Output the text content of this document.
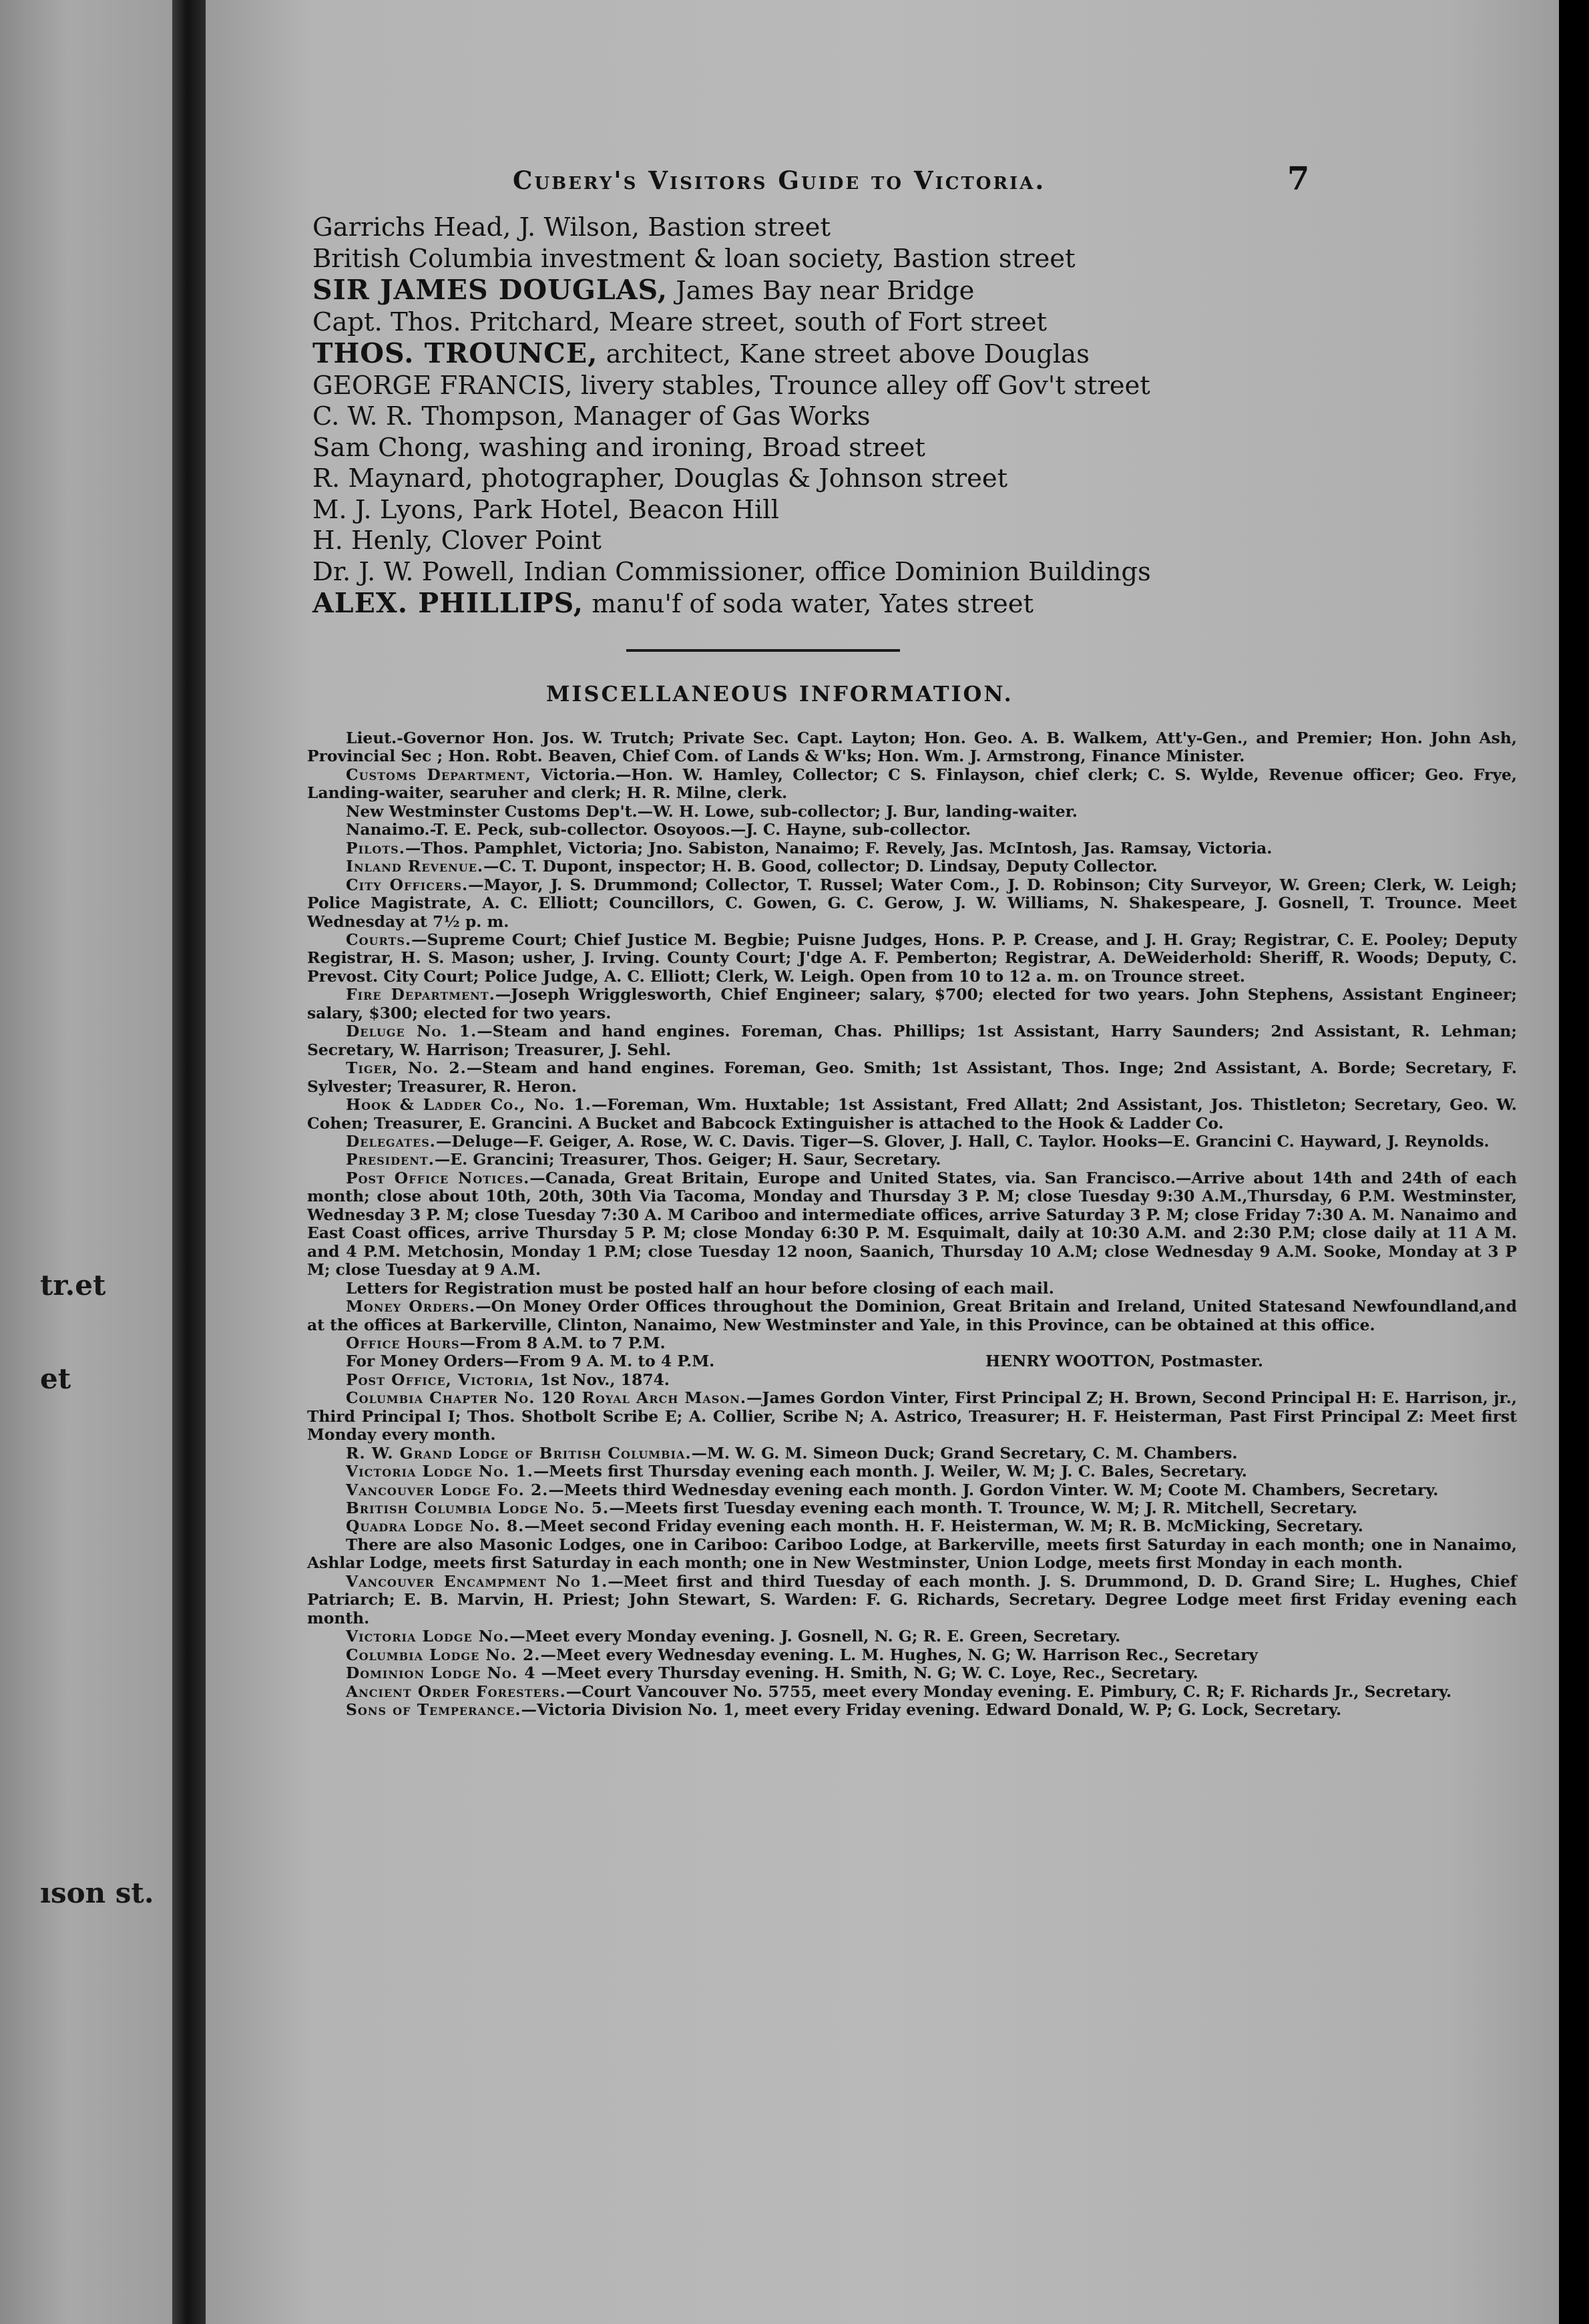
tr.et
et
ıson st.
Cubery's Visitors Guide to Victoria.	7
Garrichs Head, J. Wilson, Bastion street
British Columbia investment & loan society, Bastion street
SIR JAMES DOUGLAS, James Bay near Bridge
Capt. Thos. Pritchard, Meare street, south of Fort street
THOS. TROUNCE, architect, Kane street above Douglas
GEORGE FRANCIS, livery stables, Trounce alley off Gov't street
C. W. R. Thompson, Manager of Gas Works
Sam Chong, washing and ironing, Broad street
R. Maynard, photographer, Douglas & Johnson street
M. J. Lyons, Park Hotel, Beacon Hill
H. Henly, Clover Point
Dr. J. W. Powell, Indian Commissioner, office Dominion Buildings
ALEX. PHILLIPS, manu'f of soda water, Yates street
MISCELLANEOUS INFORMATION.

Lieut.-Governor Hon. Jos. W. Trutch; Private Sec. Capt. Layton; Hon. Geo. A. B. Walkem, Att'y-Gen., and Premier; Hon. John Ash, Provincial Sec ; Hon. Robt. Beaven, Chief Com. of Lands & W'ks; Hon. Wm. J. Armstrong, Finance Minister.

Customs Department, Victoria.—Hon. W. Hamley, Collector; C S. Finlayson, chief clerk; C. S. Wylde, Revenue officer; Geo. Frye, Landing-waiter, searuher and clerk; H. R. Milne, clerk.

New Westminster Customs Dep't.—W. H. Lowe, sub-collector; J. Bur, landing-waiter.

Nanaimo.-T. E. Peck, sub-collector. Osoyoos.—J. C. Hayne, sub-collector.

Pilots.—Thos. Pamphlet, Victoria; Jno. Sabiston, Nanaimo; F. Revely, Jas. McIntosh, Jas. Ramsay, Victoria.

Inland Revenue.—C. T. Dupont, inspector; H. B. Good, collector; D. Lindsay, Deputy Collector.

City Officers.—Mayor, J. S. Drummond; Collector, T. Russel; Water Com., J. D. Robinson; City Surveyor, W. Green; Clerk, W. Leigh; Police Magistrate, A. C. Elliott; Councillors, C. Gowen, G. C. Gerow, J. W. Williams, N. Shakespeare, J. Gosnell, T. Trounce. Meet Wednesday at 7½ p. m.

Courts.—Supreme Court; Chief Justice M. Begbie; Puisne Judges, Hons. P. P. Crease, and J. H. Gray; Registrar, C. E. Pooley; Deputy Registrar, H. S. Mason; usher, J. Irving. County Court; J'dge A. F. Pemberton; Registrar, A. DeWeiderhold: Sheriff, R. Woods; Deputy, C. Prevost. City Court; Police Judge, A. C. Elliott; Clerk, W. Leigh. Open from 10 to 12 a. m. on Trounce street.

Fire Department.—Joseph Wrigglesworth, Chief Engineer; salary, $700; elected for two years. John Stephens, Assistant Engineer; salary, $300; elected for two years.

Deluge No. 1.—Steam and hand engines. Foreman, Chas. Phillips; 1st Assistant, Harry Saunders; 2nd Assistant, R. Lehman; Secretary, W. Harrison; Treasurer, J. Sehl.

Tiger, No. 2.—Steam and hand engines. Foreman, Geo. Smith; 1st Assistant, Thos. Inge; 2nd Assistant, A. Borde; Secretary, F. Sylvester; Treasurer, R. Heron.

Hook & Ladder Co., No. 1.—Foreman, Wm. Huxtable; 1st Assistant, Fred Allatt; 2nd Assistant, Jos. Thistleton; Secretary, Geo. W. Cohen; Treasurer, E. Grancini. A Bucket and Babcock Extinguisher is attached to the Hook & Ladder Co.

Delegates.—Deluge—F. Geiger, A. Rose, W. C. Davis. Tiger—S. Glover, J. Hall, C. Taylor. Hooks—E. Grancini C. Hayward, J. Reynolds.

President.—E. Grancini; Treasurer, Thos. Geiger; H. Saur, Secretary.

Post Office Notices.—Canada, Great Britain, Europe and United States, via. San Francisco.—Arrive about 14th and 24th of each month; close about 10th, 20th, 30th Via Tacoma, Monday and Thursday 3 P. M; close Tuesday 9:30 A.M.,Thursday, 6 P.M. Westminster, Wednesday 3 P. M; close Tuesday 7:30 A. M Cariboo and intermediate offices, arrive Saturday 3 P. M; close Friday 7:30 A. M. Nanaimo and East Coast offices, arrive Thursday 5 P. M; close Monday 6:30 P. M. Esquimalt, daily at 10:30 A.M. and 2:30 P.M; close daily at 11 A M. and 4 P.M. Metchosin, Monday 1 P.M; close Tuesday 12 noon, Saanich, Thursday 10 A.M; close Wednesday 9 A.M. Sooke, Monday at 3 P M; close Tuesday at 9 A.M.

Letters for Registration must be posted half an hour before closing of each mail.

Money Orders.—On Money Order Offices throughout the Dominion, Great Britain and Ireland, United Statesand Newfoundland,and at the offices at Barkerville, Clinton, Nanaimo, New Westminster and Yale, in this Province, can be obtained at this office.

Office Hours—From 8 A.M. to 7 P.M.

For Money Orders—From 9 A. M. to 4 P.M.	HENRY WOOTTON, Postmaster.

Post Office, Victoria, 1st Nov., 1874.

Columbia Chapter No. 120 Royal Arch Mason.—James Gordon Vinter, First Principal Z; H. Brown, Second Principal H: E. Harrison, jr., Third Principal I; Thos. Shotbolt Scribe E; A. Collier, Scribe N; A. Astrico, Treasurer; H. F. Heisterman, Past First Principal Z: Meet first Monday every month.

R. W. Grand Lodge of British Columbia.—M. W. G. M. Simeon Duck; Grand Secretary, C. M. Chambers.

Victoria Lodge No. 1.—Meets first Thursday evening each month. J. Weiler, W. M; J. C. Bales, Secretary.

Vancouver Lodge Fo. 2.—Meets third Wednesday evening each month. J. Gordon Vinter. W. M; Coote M. Chambers, Secretary.

British Columbia Lodge No. 5.—Meets first Tuesday evening each month. T. Trounce, W. M; J. R. Mitchell, Secretary.

Quadra Lodge No. 8.—Meet second Friday evening each month. H. F. Heisterman, W. M; R. B. McMicking, Secretary.

There are also Masonic Lodges, one in Cariboo: Cariboo Lodge, at Barkerville, meets first Saturday in each month; one in Nanaimo, Ashlar Lodge, meets first Saturday in each month; one in New Westminster, Union Lodge, meets first Monday in each month.

Vancouver Encampment No 1.—Meet first and third Tuesday of each month. J. S. Drummond, D. D. Grand Sire; L. Hughes, Chief Patriarch; E. B. Marvin, H. Priest; John Stewart, S. Warden: F. G. Richards, Secretary. Degree Lodge meet first Friday evening each month.

Victoria Lodge No.—Meet every Monday evening. J. Gosnell, N. G; R. E. Green, Secretary.

Columbia Lodge No. 2.—Meet every Wednesday evening. L. M. Hughes, N. G; W. Harrison Rec., Secretary

Dominion Lodge No. 4 —Meet every Thursday evening. H. Smith, N. G; W. C. Loye, Rec., Secretary.

Ancient Order Foresters.—Court Vancouver No. 5755, meet every Monday evening. E. Pimbury, C. R; F. Richards Jr., Secretary.

Sons of Temperance.—Victoria Division No. 1, meet every Friday evening. Edward Donald, W. P; G. Lock, Secretary.
